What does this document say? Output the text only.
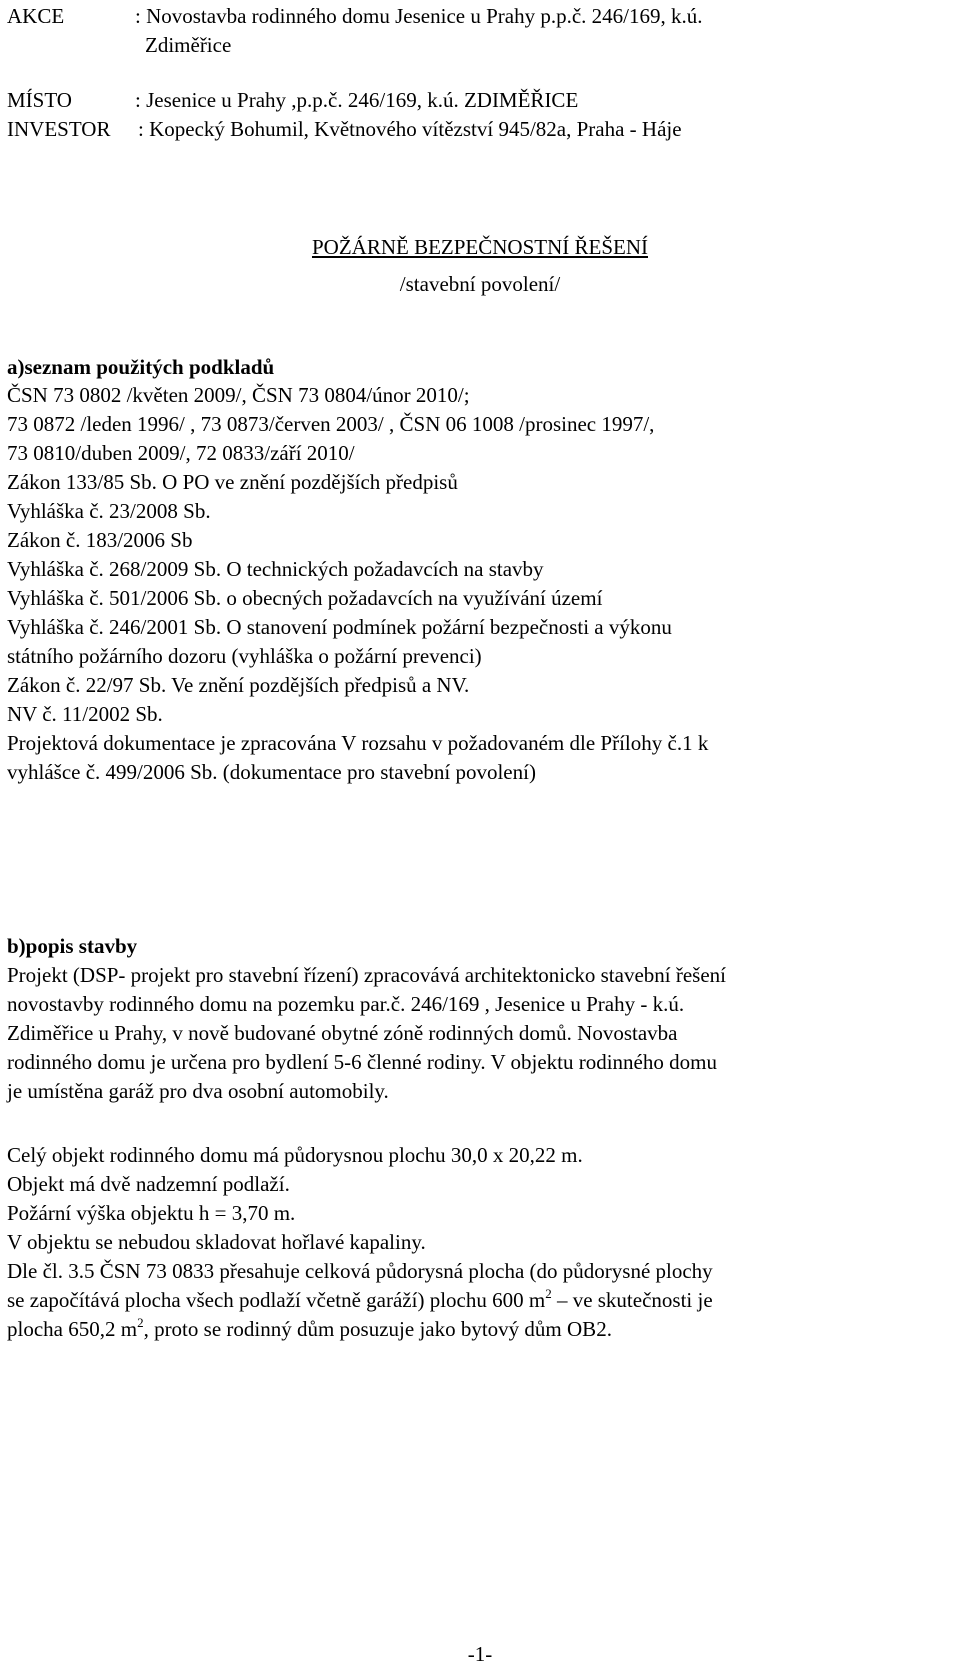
AKCE	: Novostavba rodinného domu Jesenice u Prahy p.p.č. 246/169, k.ú.
Zdiměřice
MÍSTO	: Jesenice u Prahy ,p.p.č. 246/169, k.ú. ZDIMĚŘICE
INVESTOR : Kopecký Bohumil, Květnového vítězství 945/82a, Praha - Háje
POŽÁRNĚ BEZPEČNOSTNÍ ŘEŠENÍ
/stavební povolení/
a)seznam použitých podkladů
ČSN 73 0802 /květen 2009/, ČSN 73 0804/únor 2010/;
73 0872 /leden 1996/ , 73 0873/červen 2003/ , ČSN 06 1008 /prosinec 1997/,
73 0810/duben 2009/, 72 0833/září 2010/
Zákon 133/85 Sb. O PO ve znění pozdějších předpisů
Vyhláška č. 23/2008 Sb.
Zákon č. 183/2006 Sb
Vyhláška č. 268/2009 Sb. O technických požadavcích na stavby
Vyhláška č. 501/2006 Sb. o obecných požadavcích na využívání území
Vyhláška č. 246/2001 Sb. O stanovení podmínek požární bezpečnosti a výkonu
státního požárního dozoru (vyhláška o požární prevenci)
Zákon č. 22/97 Sb. Ve znění pozdějších předpisů a NV.
NV č. 11/2002 Sb.
Projektová dokumentace je zpracována V rozsahu v požadovaném dle Přílohy č.1 k
vyhlášce č. 499/2006 Sb. (dokumentace pro stavební povolení)
b)popis stavby
Projekt (DSP- projekt pro stavební řízení) zpracovává architektonicko stavební řešení
novostavby rodinného domu na pozemku par.č. 246/169 , Jesenice u Prahy - k.ú.
Zdiměřice u Prahy, v nově budované obytné zóně rodinných domů. Novostavba
rodinného domu je určena pro bydlení 5-6 členné rodiny. V objektu rodinného domu
je umístěna garáž pro dva osobní automobily.
Celý objekt rodinného domu má půdorysnou plochu 30,0 x 20,22 m.
Objekt má dvě nadzemní podlaží.
Požární výška objektu h = 3,70 m.
V objektu se nebudou skladovat hořlavé kapaliny.
Dle čl. 3.5 ČSN 73 0833 přesahuje celková půdorysná plocha (do půdorysné plochy
se započítává plocha všech podlaží včetně garáží) plochu 600 $m^2$ – ve skutečnosti je
plocha 650,2 $m^2$, proto se rodinný dům posuzuje jako bytový dům OB2.
-1-
